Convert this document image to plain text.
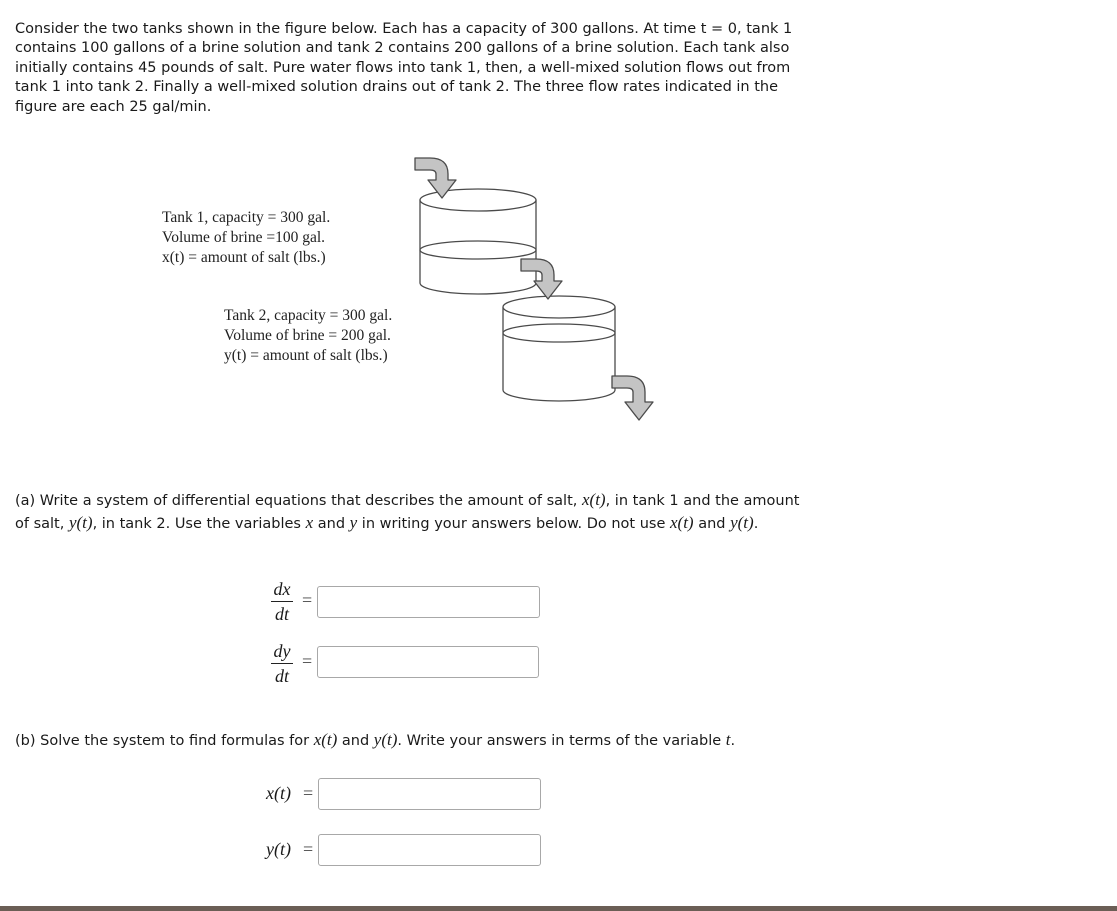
Consider the two tanks shown in the figure below. Each has a capacity of 300 gallons. At time t = 0, tank 1 contains 100 gallons of a brine solution and tank 2 contains 200 gallons of a brine solution. Each tank also initially contains 45 pounds of salt. Pure water flows into tank 1, then, a well-mixed solution flows out from tank 1 into tank 2. Finally a well-mixed solution drains out of tank 2. The three flow rates indicated in the figure are each 25 gal/min.

Tank 1, capacity = 300 gal.
Volume of brine =100 gal.
x(t) = amount of salt (lbs.)
Tank 2, capacity = 300 gal.
Volume of brine = 200 gal.
y(t) = amount of salt (lbs.)

(a) Write a system of differential equations that describes the amount of salt, x(t), in tank 1 and the amount of salt, y(t), in tank 2. Use the variables x and y in writing your answers below. Do not use x(t) and y(t).

dx
dt
=
dy
dt
=

(b) Solve the system to find formulas for x(t) and y(t). Write your answers in terms of the variable t.

x(t) =
y(t) =
